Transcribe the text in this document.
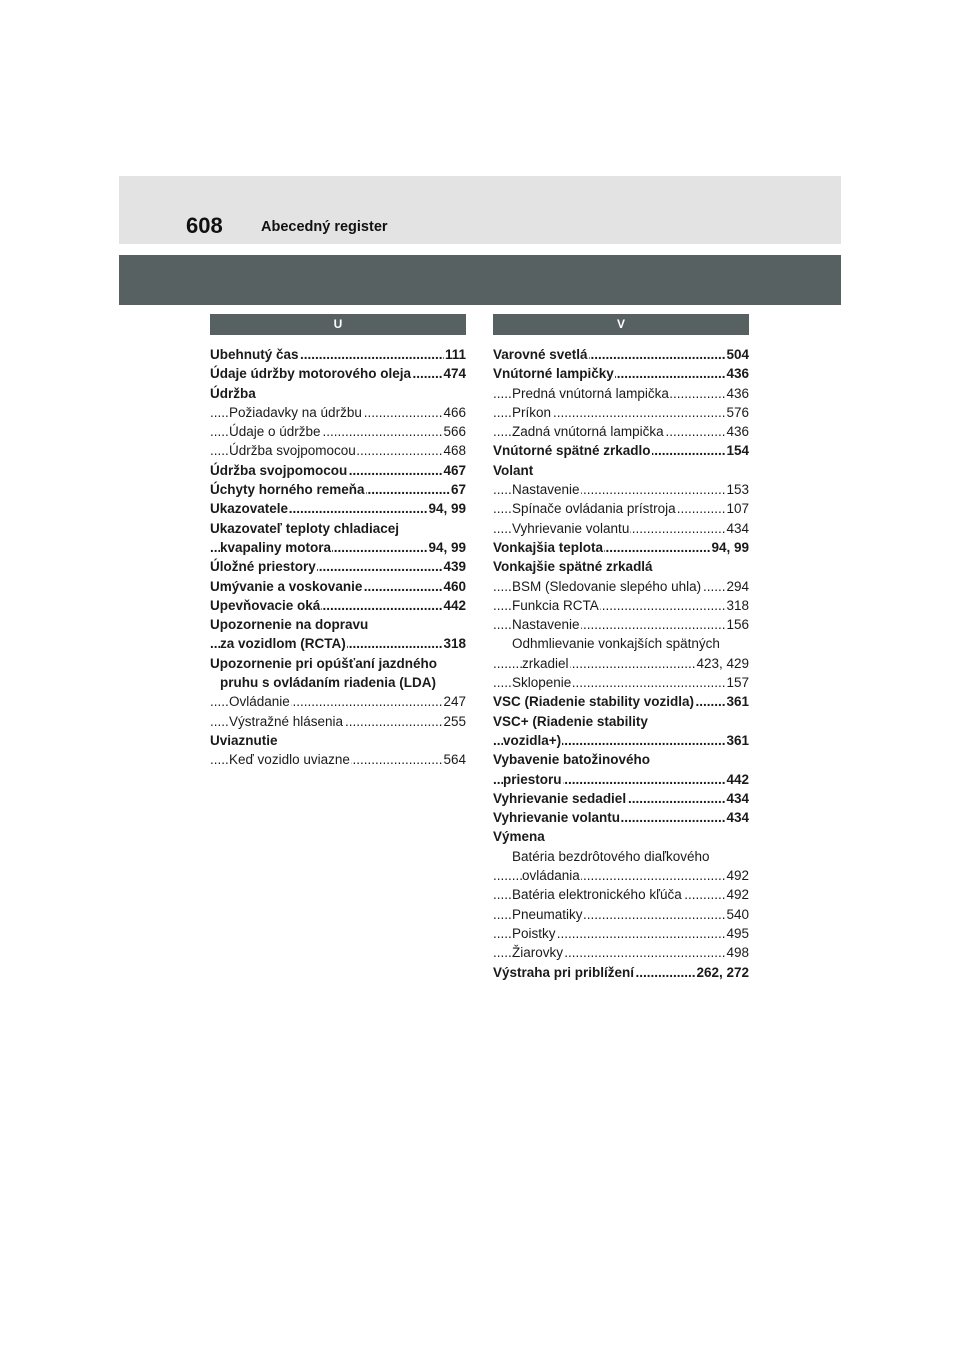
608	Abecedný register
U
..... Ubehnutý čas	111
..... Údaje údržby motorového oleja 474
Údržba
..... Požiadavky na údržbu	466
..... Údaje o údržbe	566
..... Údržba svojpomocou	468
..... Údržba svojpomocou	467
..... Úchyty horného remeňa	67
..... Ukazovatele	94, 99
Ukazovateľ teploty chladiacej
..... kvapaliny motora	94, 99
..... Úložné priestory	439
..... Umývanie a voskovanie	460
..... Upevňovacie oká	442
Upozornenie na dopravu
..... za vozidlom (RCTA)	318
Upozornenie pri opúšťaní jazdného
pruhu s ovládaním riadenia (LDA)
..... Ovládanie	247
..... Výstražné hlásenia	255
Uviaznutie
..... Keď vozidlo uviazne	564
V
..... Varovné svetlá	504
..... Vnútorné lampičky	436
..... Predná vnútorná lampička	436
..... Príkon	576
..... Zadná vnútorná lampička	436
..... Vnútorné spätné zrkadlo	154
Volant
..... Nastavenie	153
..... Spínače ovládania prístroja	107
..... Vyhrievanie volantu	434
..... Vonkajšia teplota	94, 99
Vonkajšie spätné zrkadlá
..... BSM (Sledovanie slepého uhla) 294
..... Funkcia RCTA	318
..... Nastavenie	156
Odhmlievanie vonkajších spätných
..... zrkadiel	423, 429
..... Sklopenie	157
..... VSC (Riadenie stability vozidla) 361
VSC+ (Riadenie stability
..... vozidla+)	361
Vybavenie batožinového
..... priestoru	442
..... Vyhrievanie sedadiel	434
..... Vyhrievanie volantu	434
Výmena
Batéria bezdrôtového diaľkového
..... ovládania	492
..... Batéria elektronického kľúča	492
..... Pneumatiky	540
..... Poistky	495
..... Žiarovky	498
..... Výstraha pri priblížení	262, 272
